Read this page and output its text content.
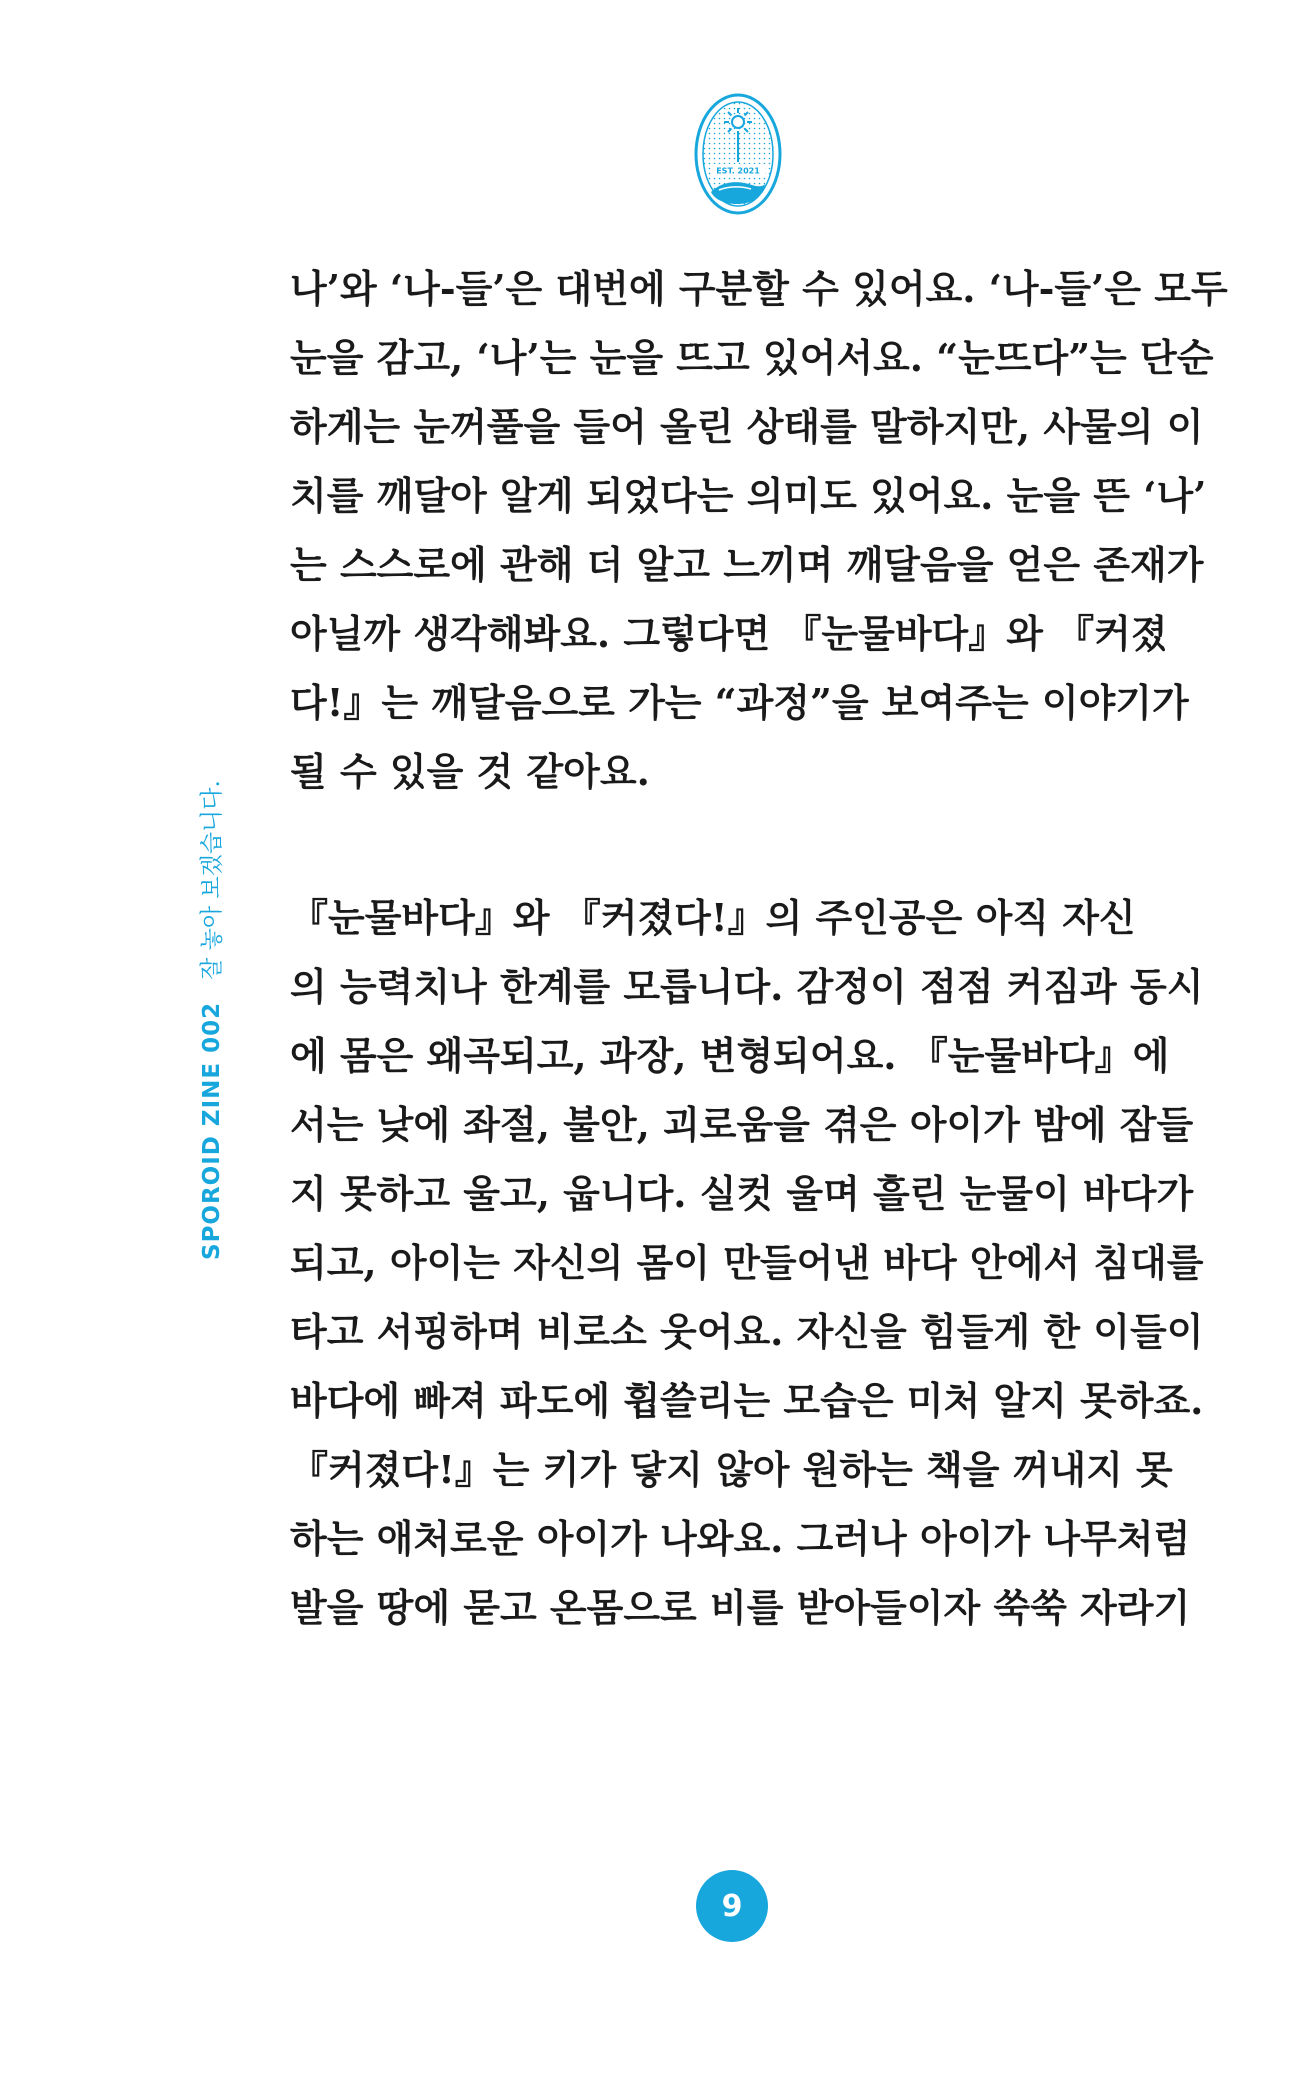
EST. 2021
SPOROID ZINE 002잘 놓아 보겠습니다.

나’와 ‘나-들’은 대번에 구분할 수 있어요. ‘나-들’은 모두
눈을 감고, ‘나’는 눈을 뜨고 있어서요. “눈뜨다”는 단순
하게는 눈꺼풀을 들어 올린 상태를 말하지만, 사물의 이
치를 깨달아 알게 되었다는 의미도 있어요. 눈을 뜬 ‘나’
는 스스로에 관해 더 알고 느끼며 깨달음을 얻은 존재가
아닐까 생각해봐요. 그렇다면 『눈물바다』와 『커졌
다!』는 깨달음으로 가는 “과정”을 보여주는 이야기가
될 수 있을 것 같아요.

『눈물바다』와 『커졌다!』의 주인공은 아직 자신
의 능력치나 한계를 모릅니다. 감정이 점점 커짐과 동시
에 몸은 왜곡되고, 과장, 변형되어요. 『눈물바다』에
서는 낮에 좌절, 불안, 괴로움을 겪은 아이가 밤에 잠들
지 못하고 울고, 웁니다. 실컷 울며 흘린 눈물이 바다가
되고, 아이는 자신의 몸이 만들어낸 바다 안에서 침대를
타고 서핑하며 비로소 웃어요. 자신을 힘들게 한 이들이
바다에 빠져 파도에 휩쓸리는 모습은 미처 알지 못하죠.
『커졌다!』는 키가 닿지 않아 원하는 책을 꺼내지 못
하는 애처로운 아이가 나와요. 그러나 아이가 나무처럼
발을 땅에 묻고 온몸으로 비를 받아들이자 쑥쑥 자라기

9
